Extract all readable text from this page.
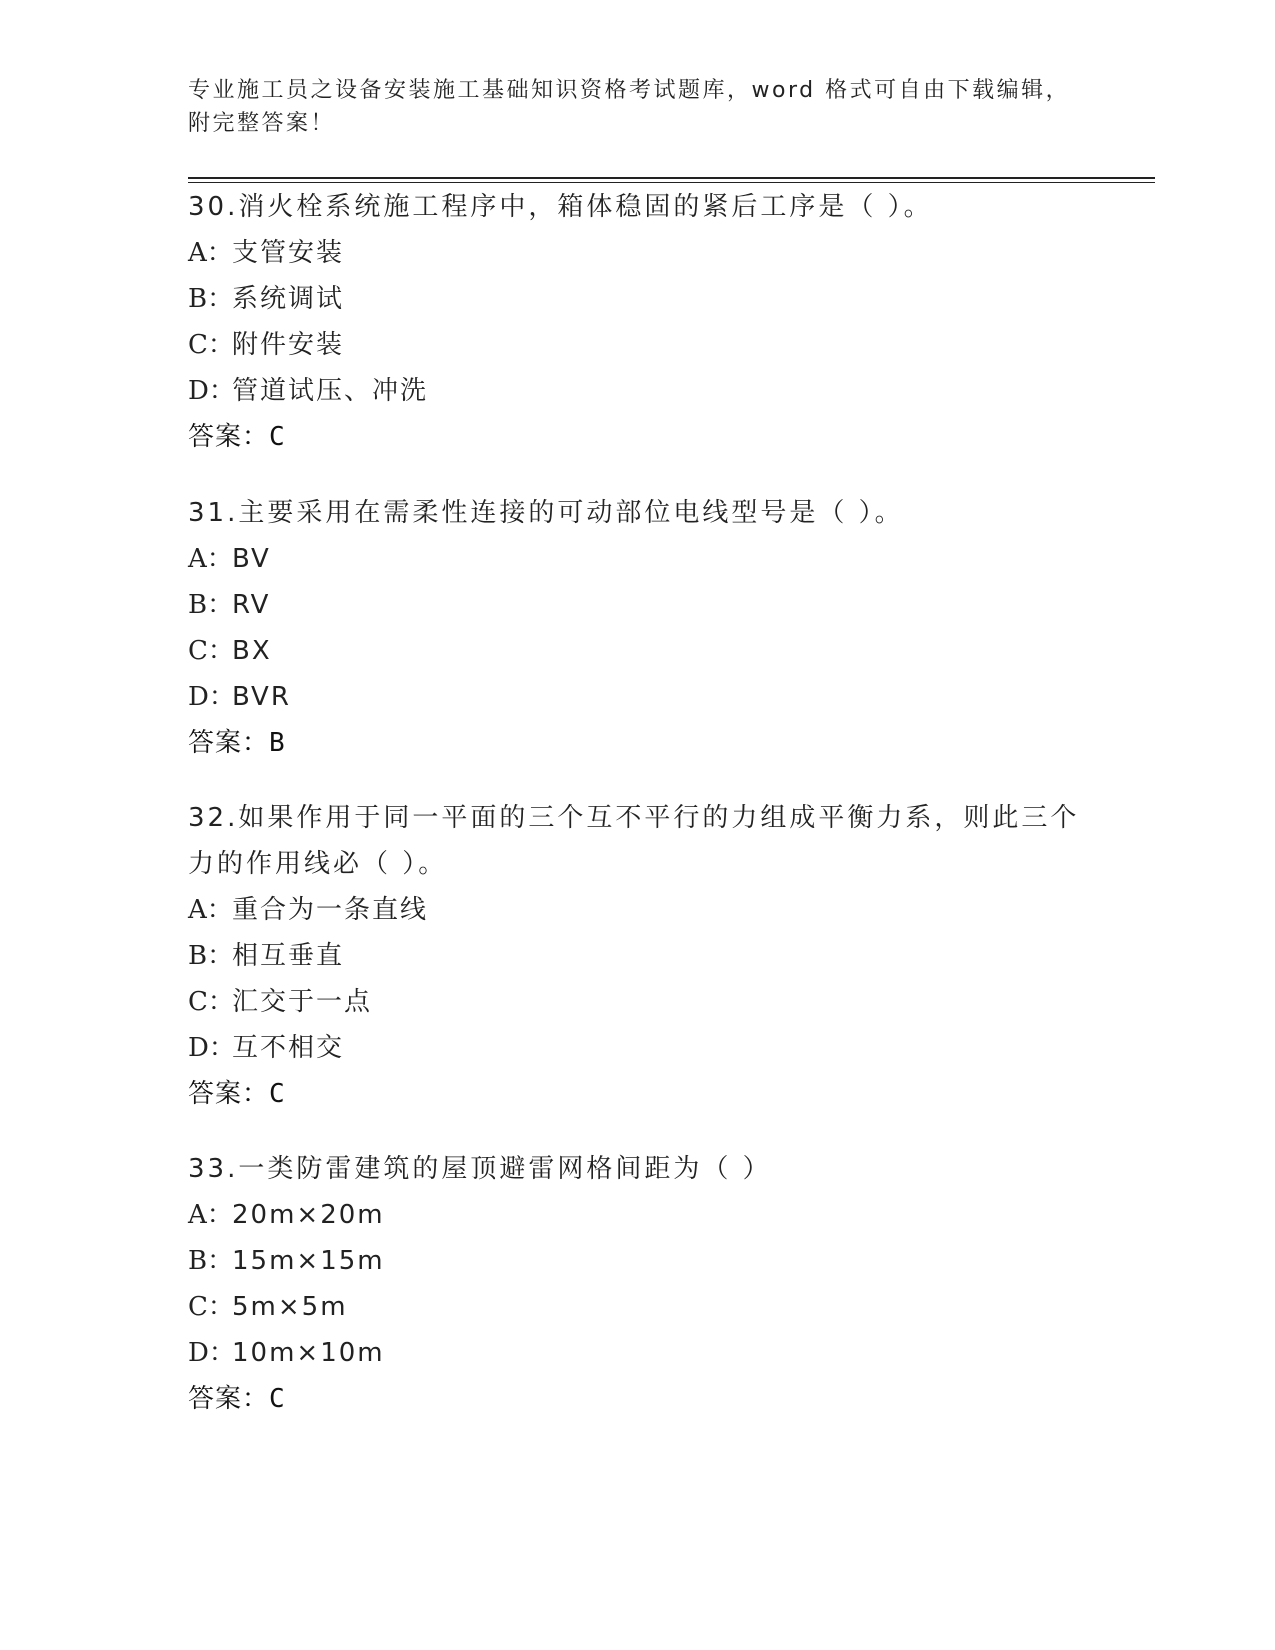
专业施工员之设备安装施工基础知识资格考试题库，word 格式可自由下载编辑，
附完整答案！
30.消火栓系统施工程序中，箱体稳固的紧后工序是（ ）。
A：支管安装
B：系统调试
C：附件安装
D：管道试压、冲洗
答案：C
31.主要采用在需柔性连接的可动部位电线型号是（ ）。
A：BV
B：RV
C：BX
D：BVR
答案：B
32.如果作用于同一平面的三个互不平行的力组成平衡力系，则此三个
力的作用线必（ ）。
A：重合为一条直线
B：相互垂直
C：汇交于一点
D：互不相交
答案：C
33.一类防雷建筑的屋顶避雷网格间距为（ ）
A：20m×20m
B：15m×15m
C：5m×5m
D：10m×10m
答案：C
